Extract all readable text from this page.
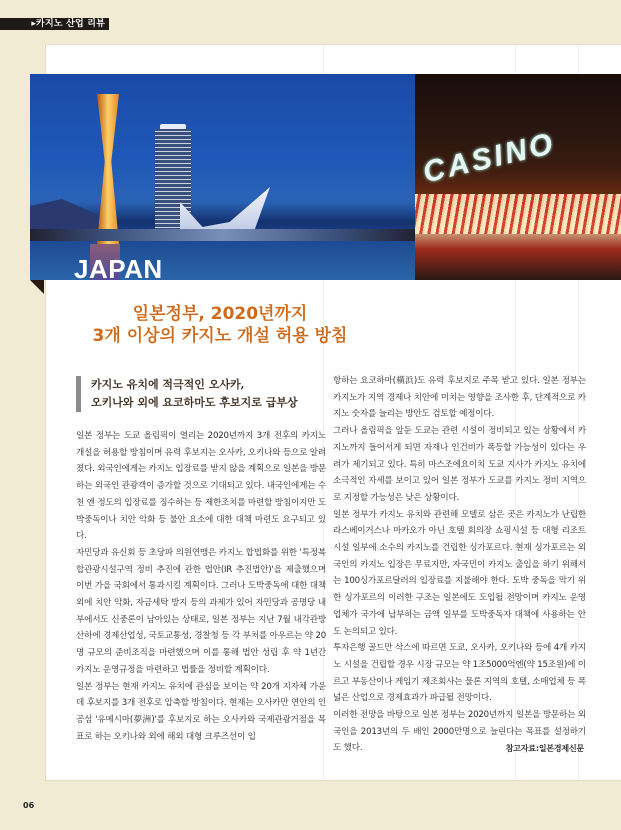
▸카지노 산업 리뷰
JAPAN
CASINO
일본정부, 2020년까지
3개 이상의 카지노 개설 허용 방침
카지노 유치에 적극적인 오사카,
오키나와 외에 요코하마도 후보지로 급부상

일본 정부는 도쿄 올림픽이 열리는 2020년까지 3개 전후의 카지노 개설을 허용할 방침이며 유력 후보지는 오사카, 오키나와 등으로 알려졌다. 외국인에게는 카지노 입장료를 받지 않을 계획으로 일본을 방문하는 외국인 관광객이 증가할 것으로 기대되고 있다. 내국인에게는 수천 엔 정도의 입장료를 징수하는 등 제한조치를 마련할 방침이지만 도박중독이나 치안 악화 등 불안 요소에 대한 대책 마련도 요구되고 있다.

자민당과 유신회 등 초당파 의원연맹은 카지노 합법화를 위한 '특정복합관광시설구역 정비 추진에 관한 법안(IR 추진법안)'을 제출했으며 이번 가을 국회에서 통과시킬 계획이다. 그러나 도박중독에 대한 대책 외에 치안 악화, 자금세탁 방지 등의 과제가 있어 자민당과 공명당 내부에서도 신중론이 남아있는 상태로, 일본 정부는 지난 7월 내각관방 산하에 경제산업성, 국토교통성, 경찰청 등 각 부처를 아우르는 약 20명 규모의 준비조직을 마련했으며 이를 통해 법안 성립 후 약 1년간 카지노 운영규정을 마련하고 법률을 정비할 계획이다.

일본 정부는 현재 카지노 유치에 관심을 보이는 약 20개 지자체 가운데 후보지를 3개 전후로 압축할 방침이다. 현재는 오사카만 연안의 인공섬 '유메시마(夢洲)'를 후보지로 하는 오사카와 국제관광거점을 목표로 하는 오키나와 외에 해외 대형 크루즈선이 입

항하는 요코하마(橫浜)도 유력 후보지로 주목 받고 있다. 일본 정부는 카지노가 지역 경제나 치안에 미치는 영향을 조사한 후, 단계적으로 카지노 숫자를 늘리는 방안도 검토할 예정이다.

그러나 올림픽을 앞둔 도쿄는 관련 시설이 정비되고 있는 상황에서 카지노까지 들어서게 되면 자재나 인건비가 폭등할 가능성이 있다는 우려가 제기되고 있다. 특히 마스조에요이치 도쿄 지사가 카지노 유치에 소극적인 자세를 보이고 있어 일본 정부가 도쿄를 카지노 정비 지역으로 지정할 가능성은 낮은 상황이다.

일본 정부가 카지노 유치와 관련해 모델로 삼은 곳은 카지노가 난립한 라스베이거스나 마카오가 아닌 호텔 회의장 쇼핑시설 등 대형 리조트 시설 일부에 소수의 카지노를 건립한 싱가포르다. 현재 싱가포르는 외국인의 카지노 입장은 무료지만, 자국민이 카지노 출입을 하기 위해서는 100싱가포르달러의 입장료를 지불해야 한다. 도박 중독을 막기 위한 싱가포르의 이러한 구조는 일본에도 도입될 전망이며 카지노 운영업체가 국가에 납부하는 금액 일부를 도박중독자 대책에 사용하는 안도 논의되고 있다.

투자은행 골드만 삭스에 따르면 도쿄, 오사카, 오키나와 등에 4개 카지노 시설을 건립할 경우 시장 규모는 약 1조5000억엔(약 15조원)에 이르고 부동산이나 게임기 제조회사는 물론 지역의 호텔, 소매업체 등 폭넓은 산업으로 경제효과가 파급될 전망이다.

이러한 전망을 바탕으로 일본 정부는 2020년까지 일본을 방문하는 외국인을 2013년의 두 배인 2000만명으로 늘린다는 목표를 설정하기도 했다.	참고자료:일본경제신문
06
